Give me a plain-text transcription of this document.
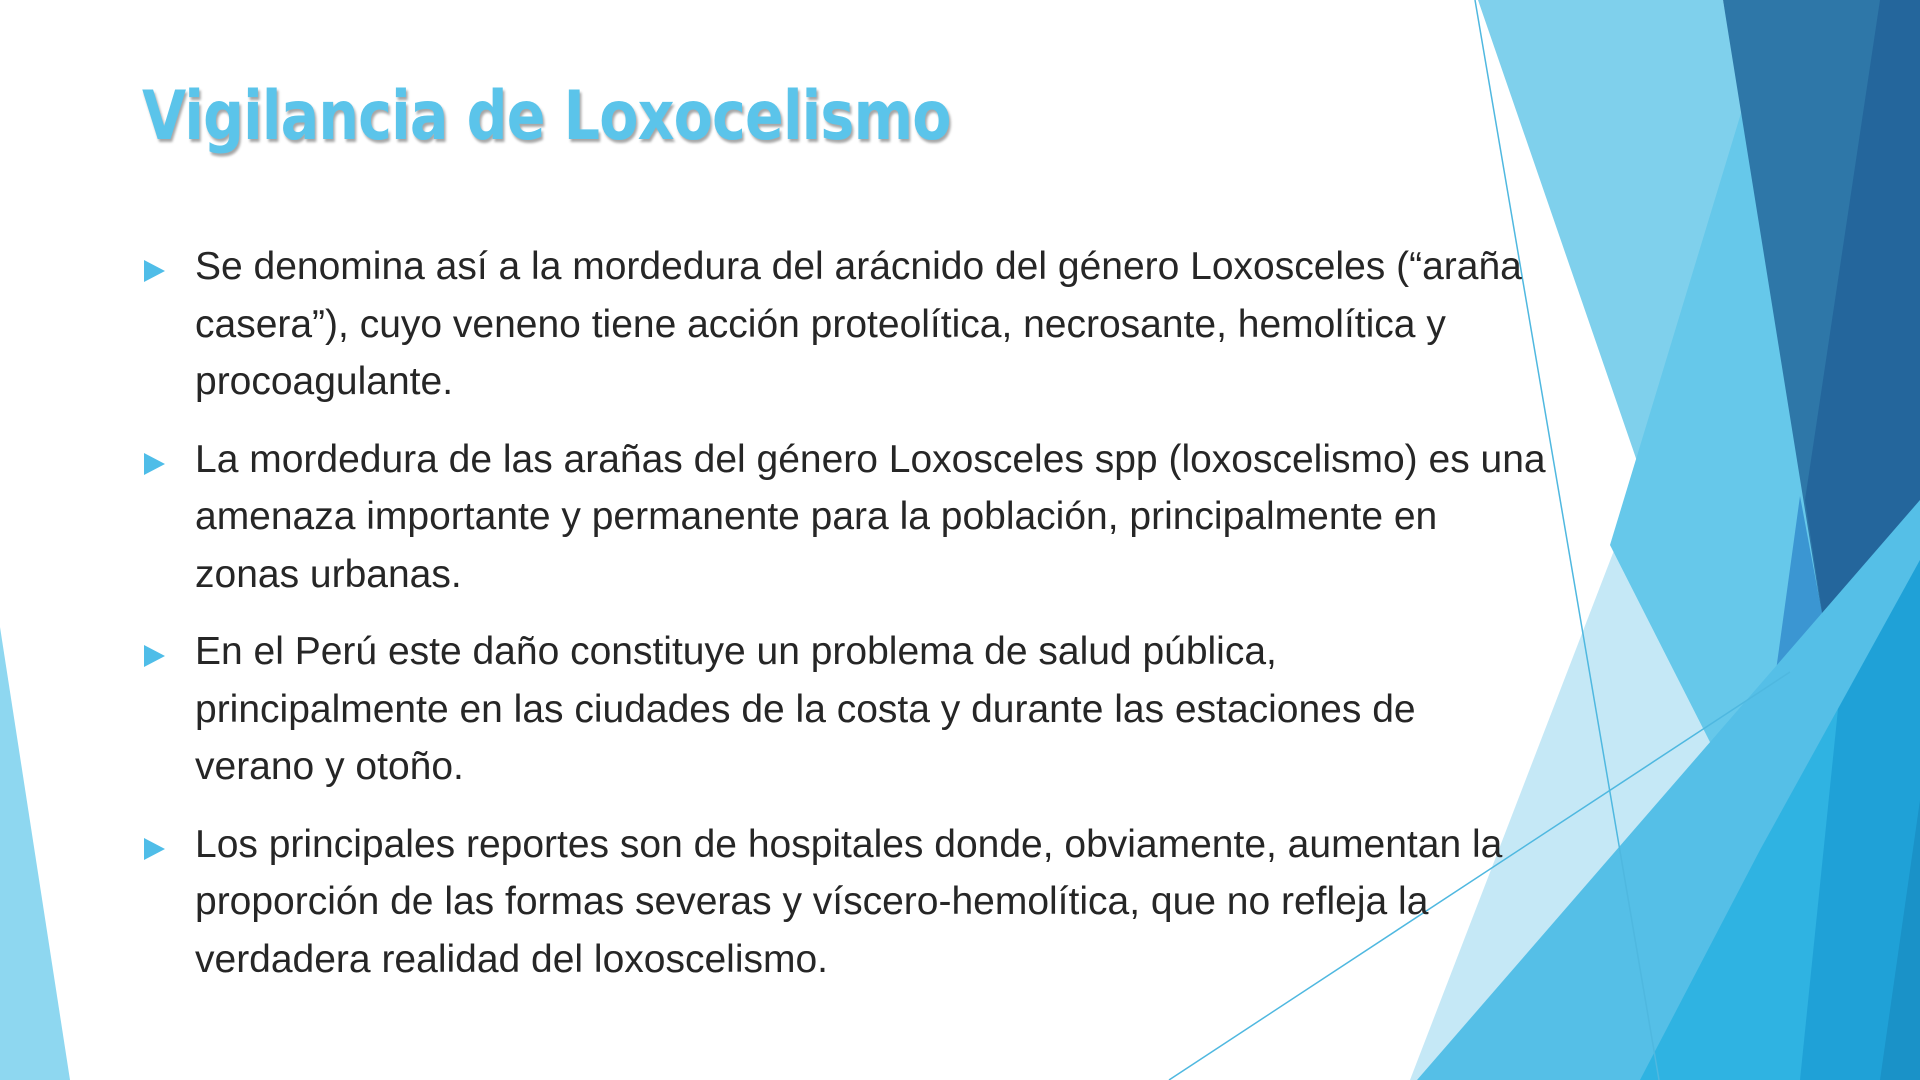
Vigilancia de Loxocelismo
Se denomina así a la mordedura del arácnido del género Loxosceles (“araña
casera”), cuyo veneno tiene acción proteolítica, necrosante, hemolítica y
procoagulante.
La mordedura de las arañas del género Loxosceles spp (loxoscelismo) es una
amenaza importante y permanente para la población, principalmente en
zonas urbanas.
En el Perú este daño constituye un problema de salud pública,
principalmente en las ciudades de la costa y durante las estaciones de
verano y otoño.
Los principales reportes son de hospitales donde, obviamente, aumentan la
proporción de las formas severas y víscero-hemolítica, que no refleja la
verdadera realidad del loxoscelismo.
